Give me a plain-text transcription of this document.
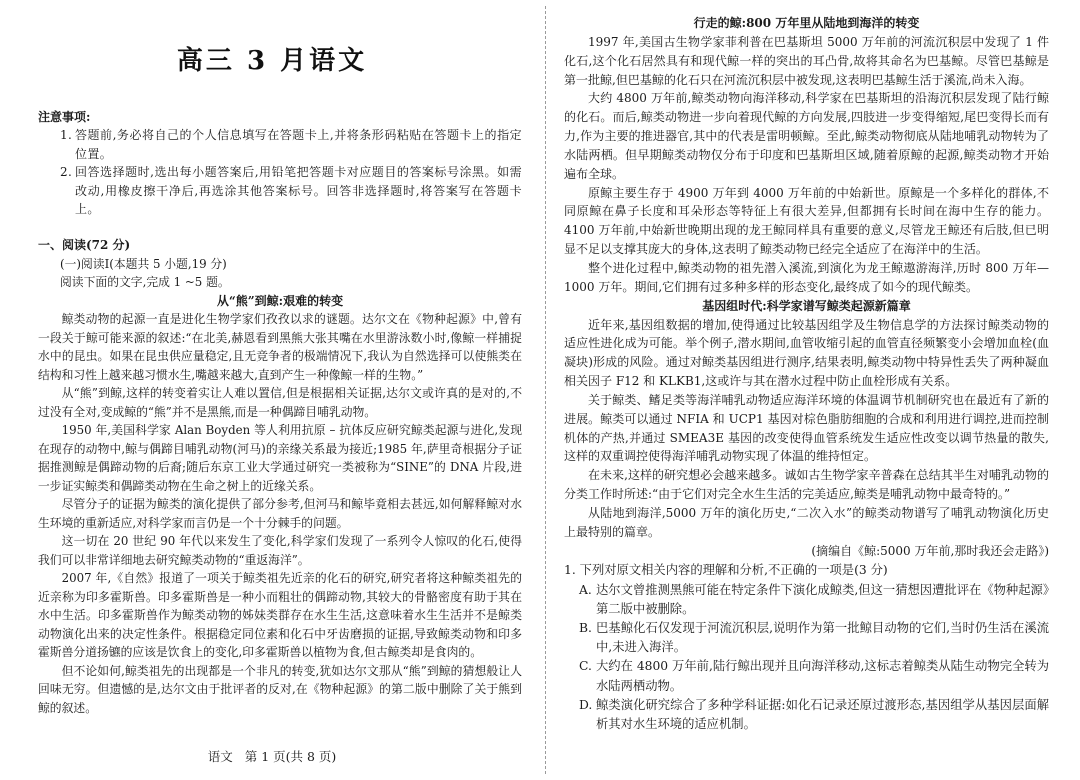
高三 3 月语文
注意事项:
1. 答题前,务必将自己的个人信息填写在答题卡上,并将条形码粘贴在答题卡上的指定位置。
2. 回答选择题时,选出每小题答案后,用铅笔把答题卡对应题目的答案标号涂黑。如需改动,用橡皮擦干净后,再选涂其他答案标号。回答非选择题时,将答案写在答题卡上。
一、阅读(72 分)
(一)阅读Ⅰ(本题共 5 小题,19 分)
阅读下面的文字,完成 1 ~5 题。
从“熊”到鲸:艰难的转变

鲸类动物的起源一直是进化生物学家们孜孜以求的谜题。达尔文在《物种起源》中,曾有一段关于鲸可能来源的叙述:“在北美,赫恩看到黑熊大张其嘴在水里游泳数小时,像鲸一样捕捉水中的昆虫。如果在昆虫供应量稳定,且无竞争者的极端情况下,我认为自然选择可以使熊类在结构和习性上越来越习惯水生,嘴越来越大,直到产生一种像鲸一样的生物。”

从“熊”到鲸,这样的转变着实让人难以置信,但是根据相关证据,达尔文或许真的是对的,不过没有全对,变成鲸的“熊”并不是黑熊,而是一种偶蹄目哺乳动物。

1950 年,美国科学家 Alan Boyden 等人利用抗原 – 抗体反应研究鲸类起源与进化,发现在现存的动物中,鲸与偶蹄目哺乳动物(河马)的亲缘关系最为接近;1985 年,萨里奇根据分子证据推测鲸是偶蹄动物的后裔;随后东京工业大学通过研究一类被称为“SINE”的 DNA 片段,进一步证实鲸类和偶蹄类动物在生命之树上的近缘关系。

尽管分子的证据为鲸类的演化提供了部分参考,但河马和鲸毕竟相去甚远,如何解释鲸对水生环境的重新适应,对科学家而言仍是一个十分棘手的问题。

这一切在 20 世纪 90 年代以来发生了变化,科学家们发现了一系列令人惊叹的化石,使得我们可以非常详细地去研究鲸类动物的“重返海洋”。

2007 年,《自然》报道了一项关于鲸类祖先近亲的化石的研究,研究者将这种鲸类祖先的近亲称为印多霍斯兽。印多霍斯兽是一种小而粗壮的偶蹄动物,其较大的骨骼密度有助于其在水中生活。印多霍斯兽作为鲸类动物的姊妹类群存在水生生活,这意味着水生生活并不是鲸类动物演化出来的决定性条件。根据稳定同位素和化石中牙齿磨损的证据,导致鲸类动物和印多霍斯兽分道扬镳的应该是饮食上的变化,印多霍斯兽以植物为食,但古鲸类却是食肉的。

但不论如何,鲸类祖先的出现都是一个非凡的转变,犹如达尔文那从“熊”到鲸的猜想般让人回味无穷。但遗憾的是,达尔文由于批评者的反对,在《物种起源》的第二版中删除了关于熊到鲸的叙述。

语文 第 1 页(共 8 页)
行走的鲸:800 万年里从陆地到海洋的转变

1997 年,美国古生物学家菲利普在巴基斯坦 5000 万年前的河流沉积层中发现了 1 件化石,这个化石居然具有和现代鲸一样的突出的耳凸骨,故将其命名为巴基鲸。尽管巴基鲸是第一批鲸,但巴基鲸的化石只在河流沉积层中被发现,这表明巴基鲸生活于溪流,尚未入海。

大约 4800 万年前,鲸类动物向海洋移动,科学家在巴基斯坦的沿海沉积层发现了陆行鲸的化石。而后,鲸类动物进一步向着现代鲸的方向发展,四肢进一步变得缩短,尾巴变得长而有力,作为主要的推进器官,其中的代表是雷明顿鲸。至此,鲸类动物彻底从陆地哺乳动物转为了水陆两栖。但早期鲸类动物仅分布于印度和巴基斯坦区域,随着原鲸的起源,鲸类动物才开始遍布全球。

原鲸主要生存于 4900 万年到 4000 万年前的中始新世。原鲸是一个多样化的群体,不同原鲸在鼻子长度和耳朵形态等特征上有很大差异,但都拥有长时间在海中生存的能力。4100 万年前,中始新世晚期出现的龙王鲸同样具有重要的意义,尽管龙王鲸还有后肢,但已明显不足以支撑其庞大的身体,这表明了鲸类动物已经完全适应了在海洋中的生活。

整个进化过程中,鲸类动物的祖先潜入溪流,到演化为龙王鲸遨游海洋,历时 800 万年—1000 万年。期间,它们拥有过多种多样的形态变化,最终成了如今的现代鲸类。

基因组时代:科学家谱写鲸类起源新篇章

近年来,基因组数据的增加,使得通过比较基因组学及生物信息学的方法探讨鲸类动物的适应性进化成为可能。举个例子,潜水期间,血管收缩引起的血管直径频繁变小会增加血栓(血凝块)形成的风险。通过对鲸类基因组进行测序,结果表明,鲸类动物中特异性丢失了两种凝血相关因子 F12 和 KLKB1,这或许与其在潜水过程中防止血栓形成有关系。

关于鲸类、鳍足类等海洋哺乳动物适应海洋环境的体温调节机制研究也在最近有了新的进展。鲸类可以通过 NFIA 和 UCP1 基因对棕色脂肪细胞的合成和利用进行调控,进而控制机体的产热,并通过 SMEA3E 基因的改变使得血管系统发生适应性改变以调节热量的散失,这样的双重调控使得海洋哺乳动物实现了体温的维持恒定。

在未来,这样的研究想必会越来越多。诚如古生物学家辛普森在总结其半生对哺乳动物的分类工作时所述:“由于它们对完全水生生活的完美适应,鲸类是哺乳动物中最奇特的。”

从陆地到海洋,5000 万年的演化历史,“二次入水”的鲸类动物谱写了哺乳动物演化历史上最特别的篇章。

(摘编自《鲸:5000 万年前,那时我还会走路》)
1. 下列对原文相关内容的理解和分析,不正确的一项是(3 分)
A. 达尔文曾推测黑熊可能在特定条件下演化成鲸类,但这一猜想因遭批评在《物种起源》第二版中被删除。
B. 巴基鲸化石仅发现于河流沉积层,说明作为第一批鲸目动物的它们,当时仍生活在溪流中,未进入海洋。
C. 大约在 4800 万年前,陆行鲸出现并且向海洋移动,这标志着鲸类从陆生动物完全转为水陆两栖动物。
D. 鲸类演化研究综合了多种学科证据:如化石记录还原过渡形态,基因组学从基因层面解析其对水生环境的适应机制。
